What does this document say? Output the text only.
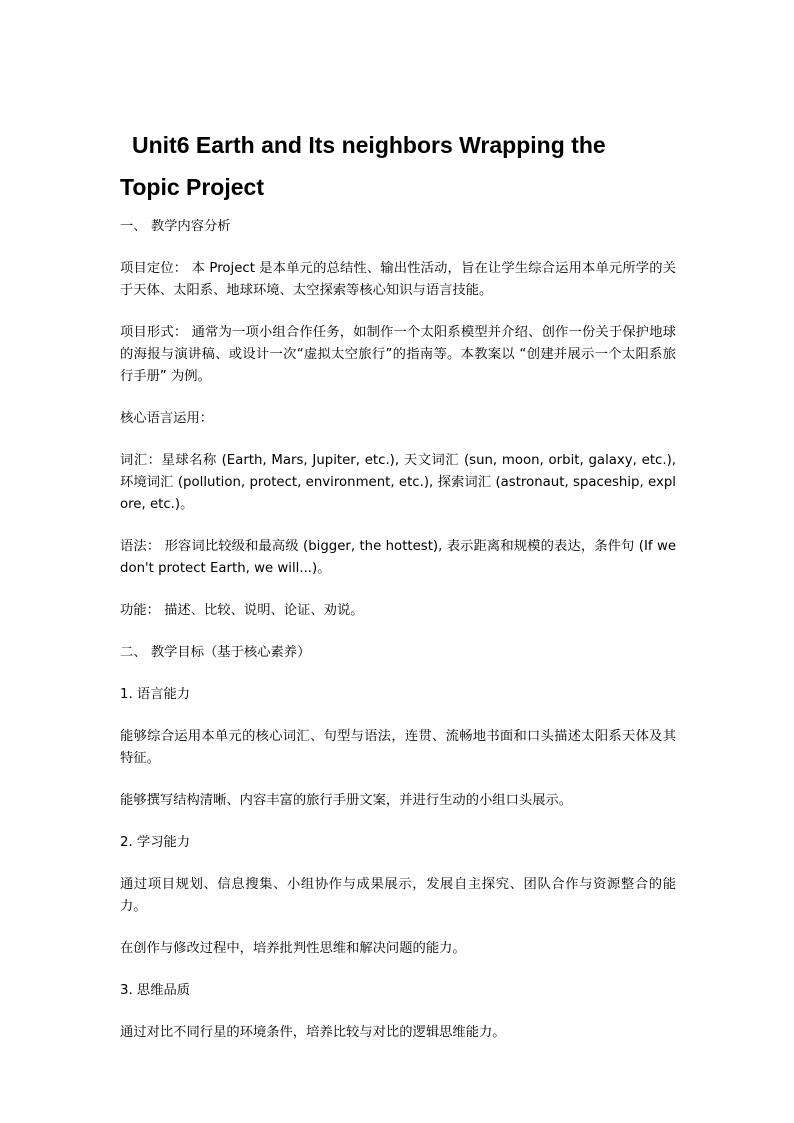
Unit6 Earth and Its neighbors Wrapping the
Topic Project

一、 教学内容分析

项目定位： 本 Project 是本单元的总结性、输出性活动，旨在让学生综合运用本单元所学的关于天体、太阳系、地球环境、太空探索等核心知识与语言技能。

项目形式： 通常为一项小组合作任务，如制作一个太阳系模型并介绍、创作一份关于保护地球的海报与演讲稿、或设计一次“虚拟太空旅行”的指南等。本教案以 “创建并展示一个太阳系旅行手册” 为例。

核心语言运用：

词汇：星球名称 (Earth, Mars, Jupiter, etc.), 天文词汇 (sun, moon, orbit, galaxy, etc.), 环境词汇 (pollution, protect, environment, etc.), 探索词汇 (astronaut, spaceship, explore, etc.)。

语法： 形容词比较级和最高级 (bigger, the hottest), 表示距离和规模的表达，条件句 (If we don't protect Earth, we will...)。

功能： 描述、比较、说明、论证、劝说。

二、 教学目标（基于核心素养）

1. 语言能力

能够综合运用本单元的核心词汇、句型与语法，连贯、流畅地书面和口头描述太阳系天体及其特征。

能够撰写结构清晰、内容丰富的旅行手册文案，并进行生动的小组口头展示。

2. 学习能力

通过项目规划、信息搜集、小组协作与成果展示，发展自主探究、团队合作与资源整合的能力。

在创作与修改过程中，培养批判性思维和解决问题的能力。

3. 思维品质

通过对比不同行星的环境条件，培养比较与对比的逻辑思维能力。
